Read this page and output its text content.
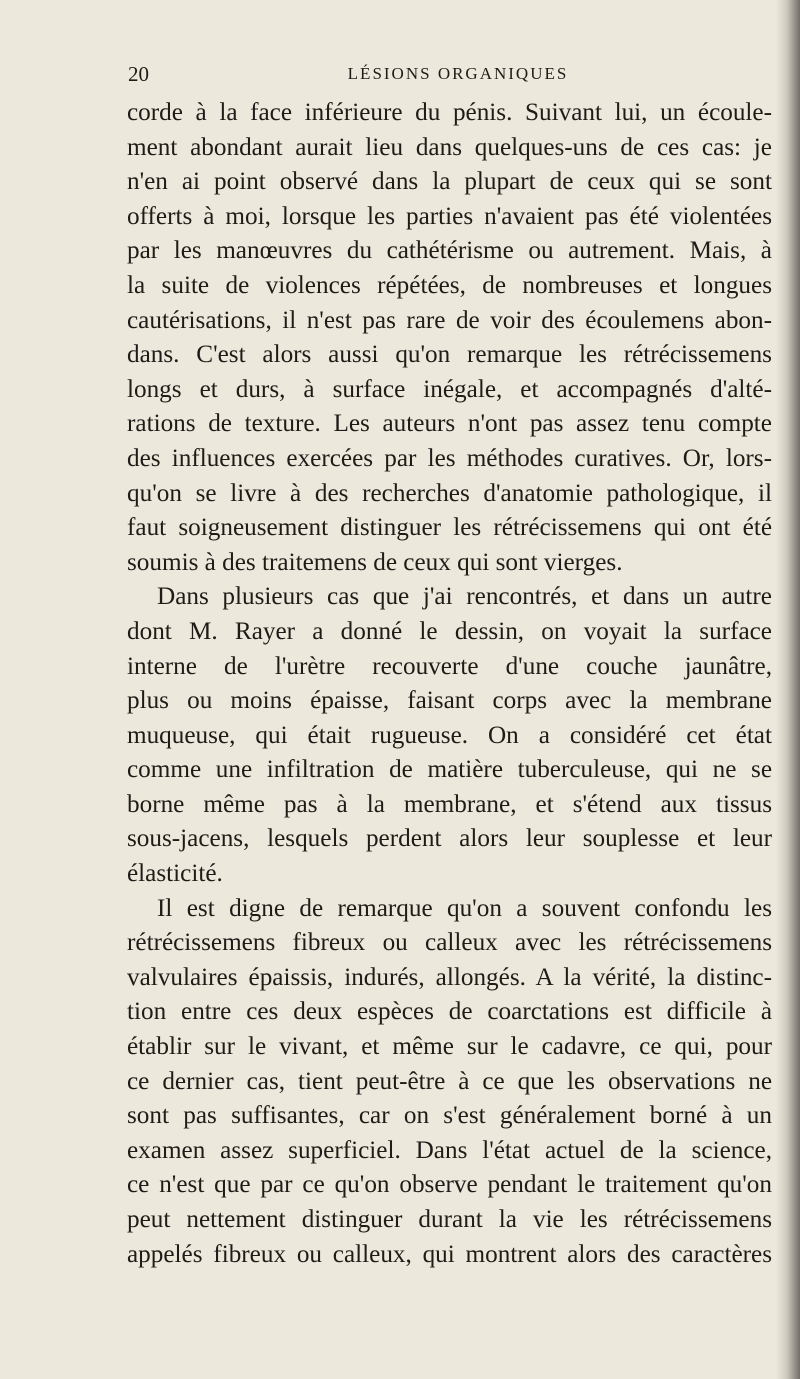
20	LÉSIONS ORGANIQUES
corde à la face inférieure du pénis. Suivant lui, un écoule-
ment abondant aurait lieu dans quelques-uns de ces cas: je
n'en ai point observé dans la plupart de ceux qui se sont
offerts à moi, lorsque les parties n'avaient pas été violentées
par les manœuvres du cathétérisme ou autrement. Mais, à
la suite de violences répétées, de nombreuses et longues
cautérisations, il n'est pas rare de voir des écoulemens abon-
dans. C'est alors aussi qu'on remarque les rétrécissemens
longs et durs, à surface inégale, et accompagnés d'alté-
rations de texture. Les auteurs n'ont pas assez tenu compte
des influences exercées par les méthodes curatives. Or, lors-
qu'on se livre à des recherches d'anatomie pathologique, il
faut soigneusement distinguer les rétrécissemens qui ont été
soumis à des traitemens de ceux qui sont vierges.
Dans plusieurs cas que j'ai rencontrés, et dans un autre
dont M. Rayer a donné le dessin, on voyait la surface
interne de l'urètre recouverte d'une couche jaunâtre,
plus ou moins épaisse, faisant corps avec la membrane
muqueuse, qui était rugueuse. On a considéré cet état
comme une infiltration de matière tuberculeuse, qui ne se
borne même pas à la membrane, et s'étend aux tissus
sous-jacens, lesquels perdent alors leur souplesse et leur
élasticité.
Il est digne de remarque qu'on a souvent confondu les
rétrécissemens fibreux ou calleux avec les rétrécissemens
valvulaires épaissis, indurés, allongés. A la vérité, la distinc-
tion entre ces deux espèces de coarctations est difficile à
établir sur le vivant, et même sur le cadavre, ce qui, pour
ce dernier cas, tient peut-être à ce que les observations ne
sont pas suffisantes, car on s'est généralement borné à un
examen assez superficiel. Dans l'état actuel de la science,
ce n'est que par ce qu'on observe pendant le traitement qu'on
peut nettement distinguer durant la vie les rétrécissemens
appelés fibreux ou calleux, qui montrent alors des caractères
